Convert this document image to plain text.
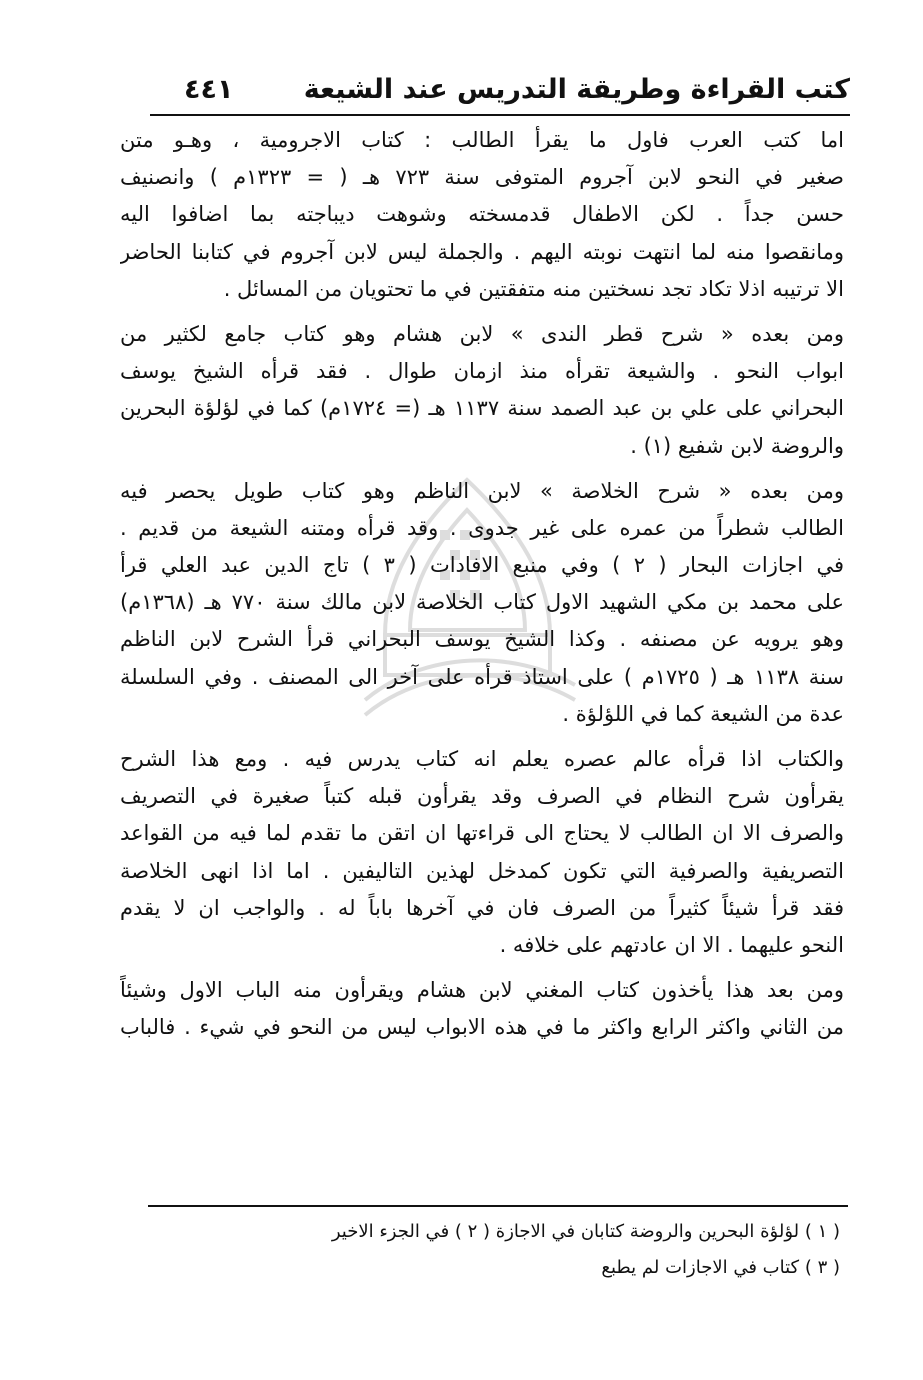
كتب القراءة وطريقة التدريس عند الشيعة
٤٤١
اما كتب العرب فاول ما يقرأ الطالب : كتاب الاجرومية ، وهـو متن
صغير في النحو لابن آجروم المتوفى سنة ٧٢٣ هـ ( = ١٣٢٣م ) وانصنيف
حسن جداً . لكن الاطفال قدمسخته وشوهت ديباجته بما اضافوا اليه
ومانقصوا منه لما انتهت نوبته اليهم . والجملة ليس لابن آجروم في كتابنا الحاضر
الا ترتيبه اذلا تكاد تجد نسختين منه متفقتين في ما تحتويان من المسائل .
ومن بعده « شرح قطر الندى » لابن هشام وهو كتاب جامع لكثير من
ابواب النحو . والشيعة تقرأه منذ ازمان طوال . فقد قرأه الشيخ يوسف
البحراني على علي بن عبد الصمد سنة ١١٣٧ هـ (= ١٧٢٤م) كما في لؤلؤة البحرين
والروضة لابن شفيع (١) .
ومن بعده « شرح الخلاصة » لابن الناظم وهو كتاب طويل يحصر فيه
الطالب شطراً من عمره على غير جدوى . وقد قرأه ومتنه الشيعة من قديم .
في اجازات البحار ( ٢ ) وفي منبع الافادات ( ٣ ) تاج الدين عبد العلي قرأ
على محمد بن مكي الشهيد الاول كتاب الخلاصة لابن مالك سنة ٧٧٠ هـ (١٣٦٨م)
وهو يرويه عن مصنفه . وكذا الشيخ يوسف البحراني قرأ الشرح لابن الناظم
سنة ١١٣٨ هـ ( ١٧٢٥م ) على استاذ قرأه على آخر الى المصنف . وفي السلسلة
عدة من الشيعة كما في اللؤلؤة .
والكتاب اذا قرأه عالم عصره يعلم انه كتاب يدرس فيه . ومع هذا الشرح
يقرأون شرح النظام في الصرف وقد يقرأون قبله كتباً صغيرة في التصريف
والصرف الا ان الطالب لا يحتاج الى قراءتها ان اتقن ما تقدم لما فيه من القواعد
التصريفية والصرفية التي تكون كمدخل لهذين التاليفين . اما اذا انهى الخلاصة
فقد قرأ شيئاً كثيراً من الصرف فان في آخرها باباً له . والواجب ان لا يقدم
النحو عليهما . الا ان عادتهم على خلافه .
ومن بعد هذا يأخذون كتاب المغني لابن هشام ويقرأون منه الباب الاول وشيئاً
من الثاني واكثر الرابع واكثر ما في هذه الابواب ليس من النحو في شيء . فالباب
( ١ ) لؤلؤة البحرين والروضة كتابان في الاجازة ( ٢ ) في الجزء الاخير
( ٣ ) كتاب في الاجازات لم يطبع
